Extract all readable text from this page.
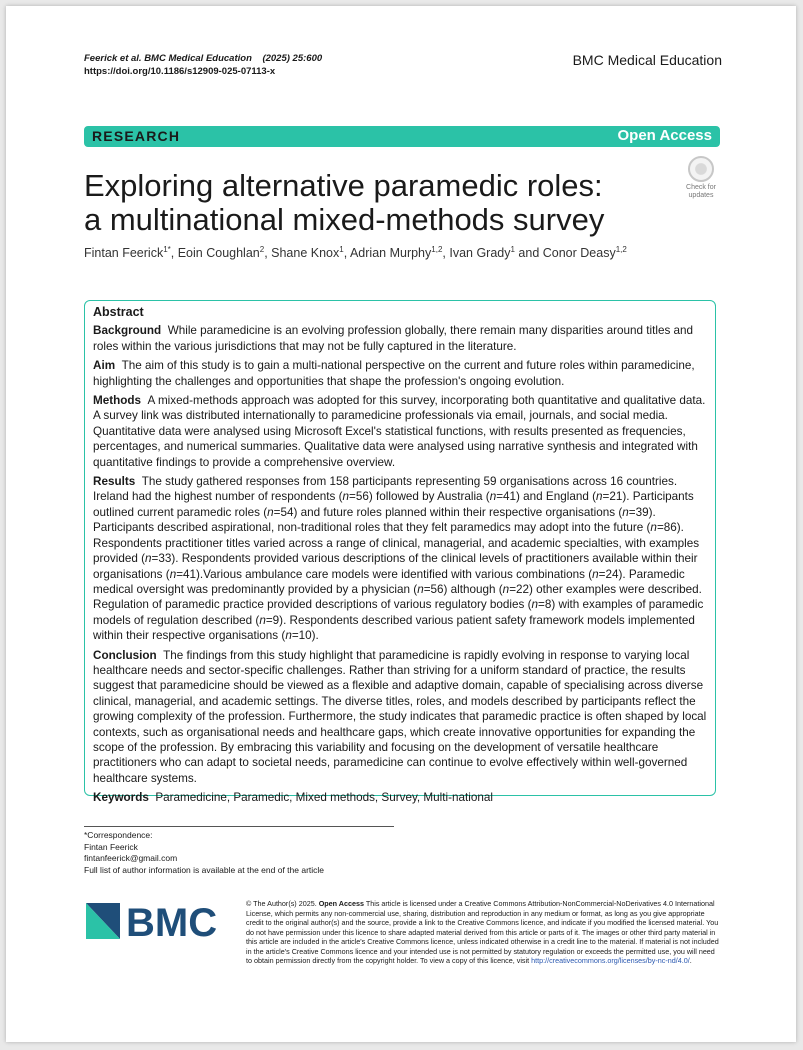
Feerick et al. BMC Medical Education (2025) 25:600
https://doi.org/10.1186/s12909-025-07113-x
BMC Medical Education
RESEARCH	Open Access
Check for
updates
Exploring alternative paramedic roles:
a multinational mixed-methods survey
Fintan Feerick$^{1*}$, Eoin Coughlan$^2$, Shane Knox$^1$, Adrian Murphy$^{1,2}$, Ivan Grady$^1$ and Conor Deasy$^{1,2}$
Abstract

Background While paramedicine is an evolving profession globally, there remain many disparities around titles and roles within the various jurisdictions that may not be fully captured in the literature.

Aim The aim of this study is to gain a multi-national perspective on the current and future roles within paramedicine, highlighting the challenges and opportunities that shape the profession's ongoing evolution.

Methods A mixed-methods approach was adopted for this survey, incorporating both quantitative and qualitative data. A survey link was distributed internationally to paramedicine professionals via email, journals, and social media. Quantitative data were analysed using Microsoft Excel's statistical functions, with results presented as frequencies, percentages, and numerical summaries. Qualitative data were analysed using narrative synthesis and integrated with quantitative findings to provide a comprehensive overview.

Results The study gathered responses from 158 participants representing 59 organisations across 16 countries. Ireland had the highest number of respondents (n=56) followed by Australia (n=41) and England (n=21). Participants outlined current paramedic roles (n=54) and future roles planned within their respective organisations (n=39). Participants described aspirational, non-traditional roles that they felt paramedics may adopt into the future (n=86). Respondents practitioner titles varied across a range of clinical, managerial, and academic specialties, with examples provided (n=33). Respondents provided various descriptions of the clinical levels of practitioners available within their organisations (n=41).Various ambulance care models were identified with various combinations (n=24). Paramedic medical oversight was predominantly provided by a physician (n=56) although (n=22) other examples were described. Regulation of paramedic practice provided descriptions of various regulatory bodies (n=8) with examples of paramedic models of regulation described (n=9). Respondents described various patient safety framework models implemented within their respective organisations (n=10).

Conclusion The findings from this study highlight that paramedicine is rapidly evolving in response to varying local healthcare needs and sector-specific challenges. Rather than striving for a uniform standard of practice, the results suggest that paramedicine should be viewed as a flexible and adaptive domain, capable of specialising across diverse clinical, managerial, and academic settings. The diverse titles, roles, and models described by participants reflect the growing complexity of the profession. Furthermore, the study indicates that paramedic practice is often shaped by local contexts, such as organisational needs and healthcare gaps, which create innovative opportunities for expanding the scope of the profession. By embracing this variability and focusing on the development of versatile healthcare practitioners who can adapt to societal needs, paramedicine can continue to evolve effectively within well-governed healthcare systems.

Keywords Paramedicine, Paramedic, Mixed methods, Survey, Multi-national

*Correspondence:
Fintan Feerick
fintanfeerick@gmail.com
Full list of author information is available at the end of the article
BMC	© The Author(s) 2025. Open Access This article is licensed under a Creative Commons Attribution-NonCommercial-NoDerivatives 4.0 International License, which permits any non-commercial use, sharing, distribution and reproduction in any medium or format, as long as you give appropriate credit to the original author(s) and the source, provide a link to the Creative Commons licence, and indicate if you modified the licensed material. You do not have permission under this licence to share adapted material derived from this article or parts of it. The images or other third party material in this article are included in the article's Creative Commons licence, unless indicated otherwise in a credit line to the material. If material is not included in the article's Creative Commons licence and your intended use is not permitted by statutory regulation or exceeds the permitted use, you will need to obtain permission directly from the copyright holder. To view a copy of this licence, visit http://creativecommons.org/licenses/by-nc-nd/4.0/.
